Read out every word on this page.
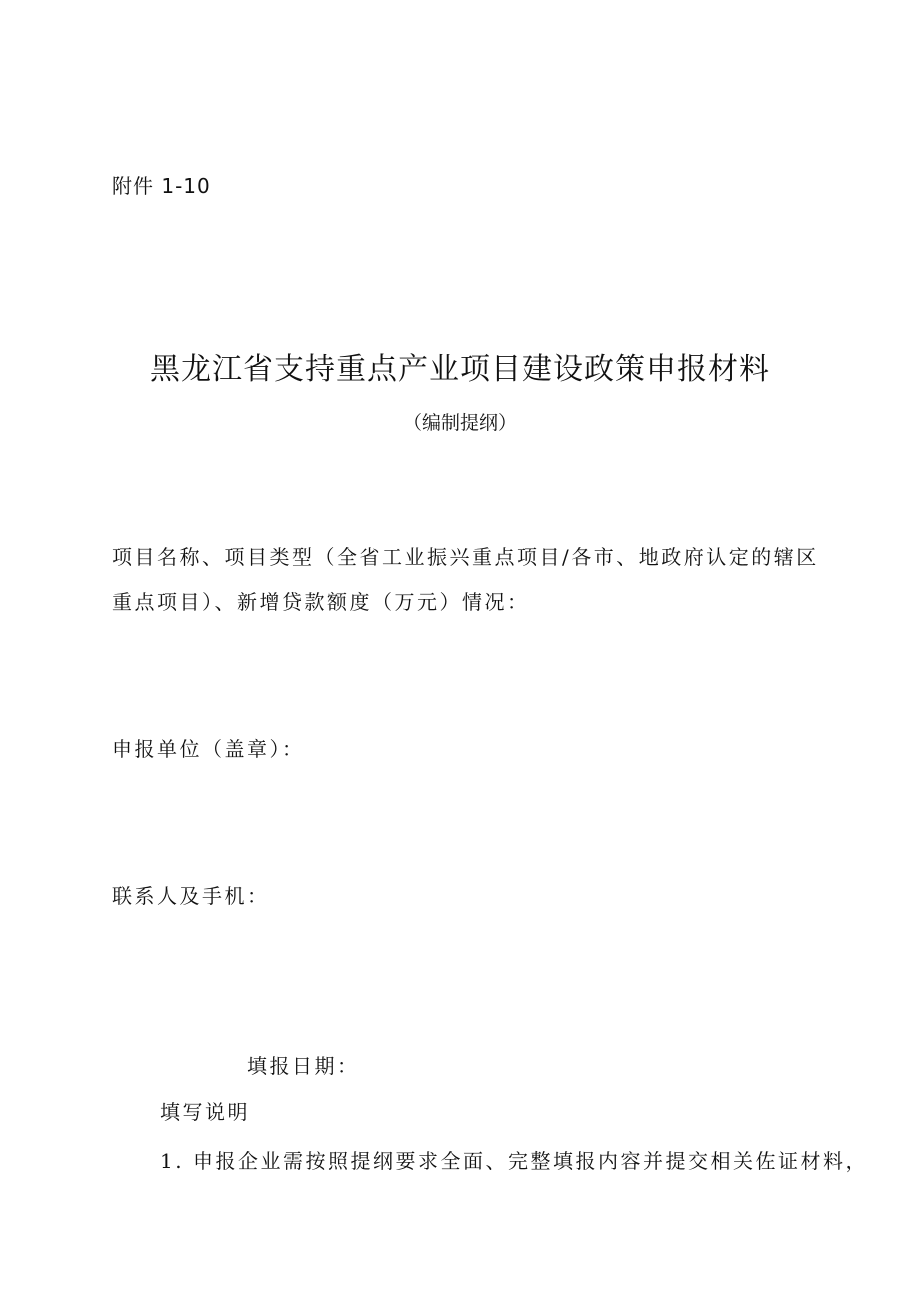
附件 1-10

黑龙江省支持重点产业项目建设政策申报材料

（编制提纲）

项目名称、项目类型（全省工业振兴重点项目/各市、地政府认定的辖区

重点项目）、新增贷款额度（万元）情况：

申报单位（盖章）：

联系人及手机：

填报日期：

填写说明

1. 申报企业需按照提纲要求全面、完整填报内容并提交相关佐证材料，
